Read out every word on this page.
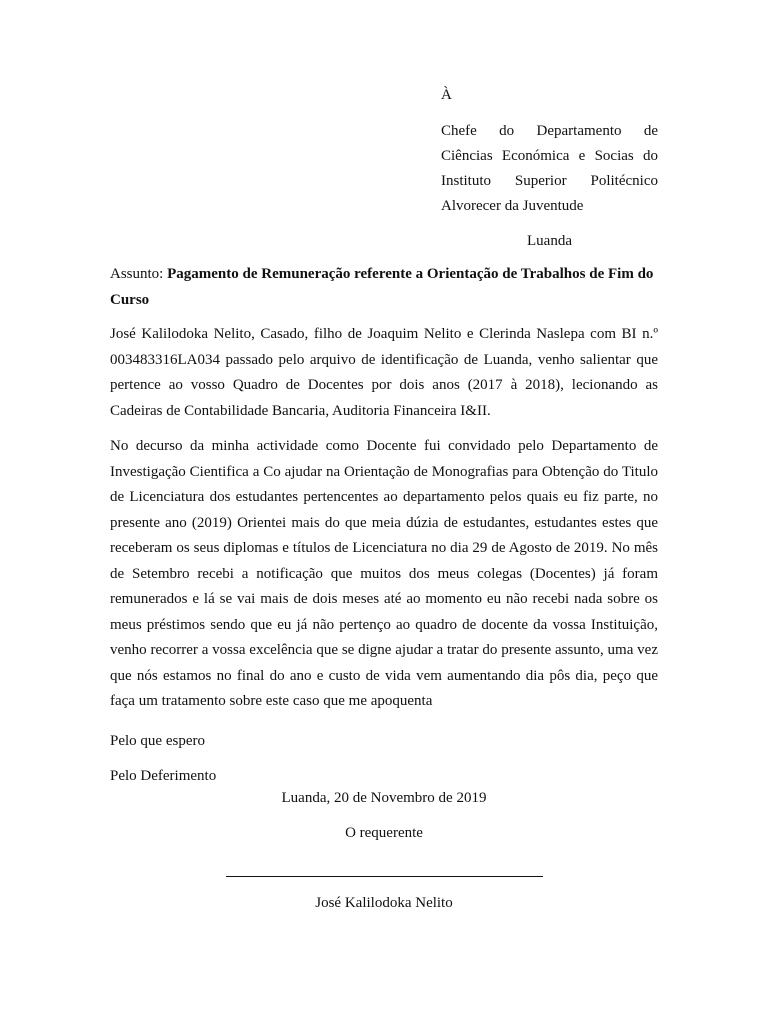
À

Chefe do Departamento de

Ciências Económica e Socias do

Instituto Superior Politécnico

Alvorecer da Juventude

Luanda

Assunto: Pagamento de Remuneração referente a Orientação de Trabalhos de Fim do Curso

José Kalilodoka Nelito, Casado, filho de Joaquim Nelito e Clerinda Naslepa com BI n.º 003483316LA034 passado pelo arquivo de identificação de Luanda, venho salientar que pertence ao vosso Quadro de Docentes por dois anos (2017 à 2018), lecionando as Cadeiras de Contabilidade Bancaria, Auditoria Financeira I&II.

No decurso da minha actividade como Docente fui convidado pelo Departamento de Investigação Cientifica a Co ajudar na Orientação de Monografias para Obtenção do Titulo de Licenciatura dos estudantes pertencentes ao departamento pelos quais eu fiz parte, no presente ano (2019) Orientei mais do que meia dúzia de estudantes, estudantes estes que receberam os seus diplomas e títulos de Licenciatura no dia 29 de Agosto de 2019. No mês de Setembro recebi a notificação que muitos dos meus colegas (Docentes) já foram remunerados e lá se vai mais de dois meses até ao momento eu não recebi nada sobre os meus préstimos sendo que eu já não pertenço ao quadro de docente da vossa Instituição, venho recorrer a vossa excelência que se digne ajudar a tratar do presente assunto, uma vez que nós estamos no final do ano e custo de vida vem aumentando dia pôs dia, peço que faça um tratamento sobre este caso que me apoquenta

Pelo que espero

Pelo Deferimento

Luanda, 20 de Novembro de 2019
O requerente
José Kalilodoka Nelito
